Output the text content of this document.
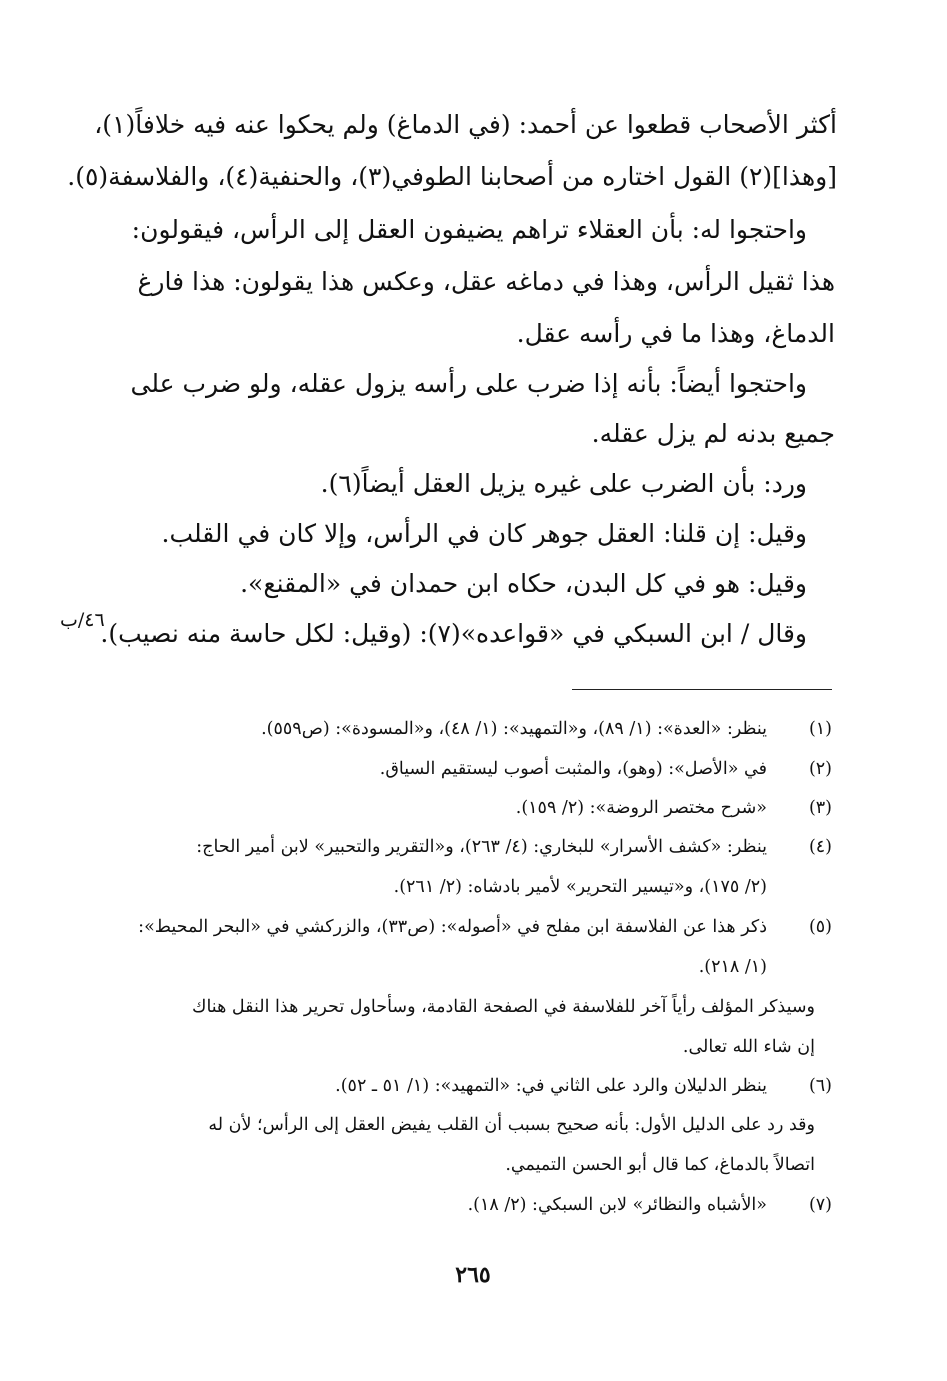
أكثر الأصحاب قطعوا عن أحمد: (في الدماغ) ولم يحكوا عنه فيه خلافاً(١)،
[وهذا](٢) القول اختاره من أصحابنا الطوفي(٣)، والحنفية(٤)، والفلاسفة(٥).
واحتجوا له: بأن العقلاء تراهم يضيفون العقل إلى الرأس، فيقولون:
هذا ثقيل الرأس، وهذا في دماغه عقل، وعكس هذا يقولون: هذا فارغ
الدماغ، وهذا ما في رأسه عقل.
واحتجوا أيضاً: بأنه إذا ضرب على رأسه يزول عقله، ولو ضرب على
جميع بدنه لم يزل عقله.
ورد: بأن الضرب على غيره يزيل العقل أيضاً(٦).
وقيل: إن قلنا: العقل جوهر كان في الرأس، وإلا كان في القلب.
وقيل: هو في كل البدن، حكاه ابن حمدان في «المقنع».
وقال / ابن السبكي في «قواعده»(٧): (وقيل: لكل حاسة منه نصيب).
٤٦/ب
(١)
ينظر: «العدة»: (١/ ٨٩)، و«التمهيد»: (١/ ٤٨)، و«المسودة»: (ص٥٥٩).
(٢)
في «الأصل»: (وهو)، والمثبت أصوب ليستقيم السياق.
(٣)
«شرح مختصر الروضة»: (٢/ ١٥٩).
(٤)
ينظر: «كشف الأسرار» للبخاري: (٤/ ٢٦٣)، و«التقرير والتحبير» لابن أمير الحاج:
(٢/ ١٧٥)، و«تيسير التحرير» لأمير بادشاه: (٢/ ٢٦١).
(٥)
ذكر هذا عن الفلاسفة ابن مفلح في «أصوله»: (ص٣٣)، والزركشي في «البحر المحيط»:
(١/ ٢١٨).
وسيذكر المؤلف رأياً آخر للفلاسفة في الصفحة القادمة، وسأحاول تحرير هذا النقل هناك
إن شاء الله تعالى.
(٦)
ينظر الدليلان والرد على الثاني في: «التمهيد»: (١/ ٥١ ـ ٥٢).
وقد رد على الدليل الأول: بأنه صحيح بسبب أن القلب يفيض العقل إلى الرأس؛ لأن له
اتصالاً بالدماغ، كما قال أبو الحسن التميمي.
(٧)
«الأشباه والنظائر» لابن السبكي: (٢/ ١٨).
٢٦٥
